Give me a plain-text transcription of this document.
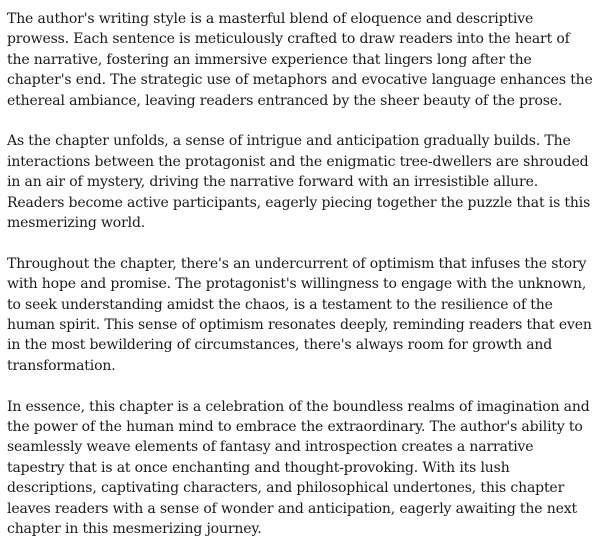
The author's writing style is a masterful blend of eloquence and descriptive prowess. Each sentence is meticulously crafted to draw readers into the heart of the narrative, fostering an immersive experience that lingers long after the chapter's end. The strategic use of metaphors and evocative language enhances the ethereal ambiance, leaving readers entranced by the sheer beauty of the prose.

As the chapter unfolds, a sense of intrigue and anticipation gradually builds. The interactions between the protagonist and the enigmatic tree-dwellers are shrouded in an air of mystery, driving the narrative forward with an irresistible allure. Readers become active participants, eagerly piecing together the puzzle that is this mesmerizing world.

Throughout the chapter, there's an undercurrent of optimism that infuses the story with hope and promise. The protagonist's willingness to engage with the unknown, to seek understanding amidst the chaos, is a testament to the resilience of the human spirit. This sense of optimism resonates deeply, reminding readers that even in the most bewildering of circumstances, there's always room for growth and transformation.

In essence, this chapter is a celebration of the boundless realms of imagination and the power of the human mind to embrace the extraordinary. The author's ability to seamlessly weave elements of fantasy and introspection creates a narrative tapestry that is at once enchanting and thought-provoking. With its lush descriptions, captivating characters, and philosophical undertones, this chapter leaves readers with a sense of wonder and anticipation, eagerly awaiting the next chapter in this mesmerizing journey.
